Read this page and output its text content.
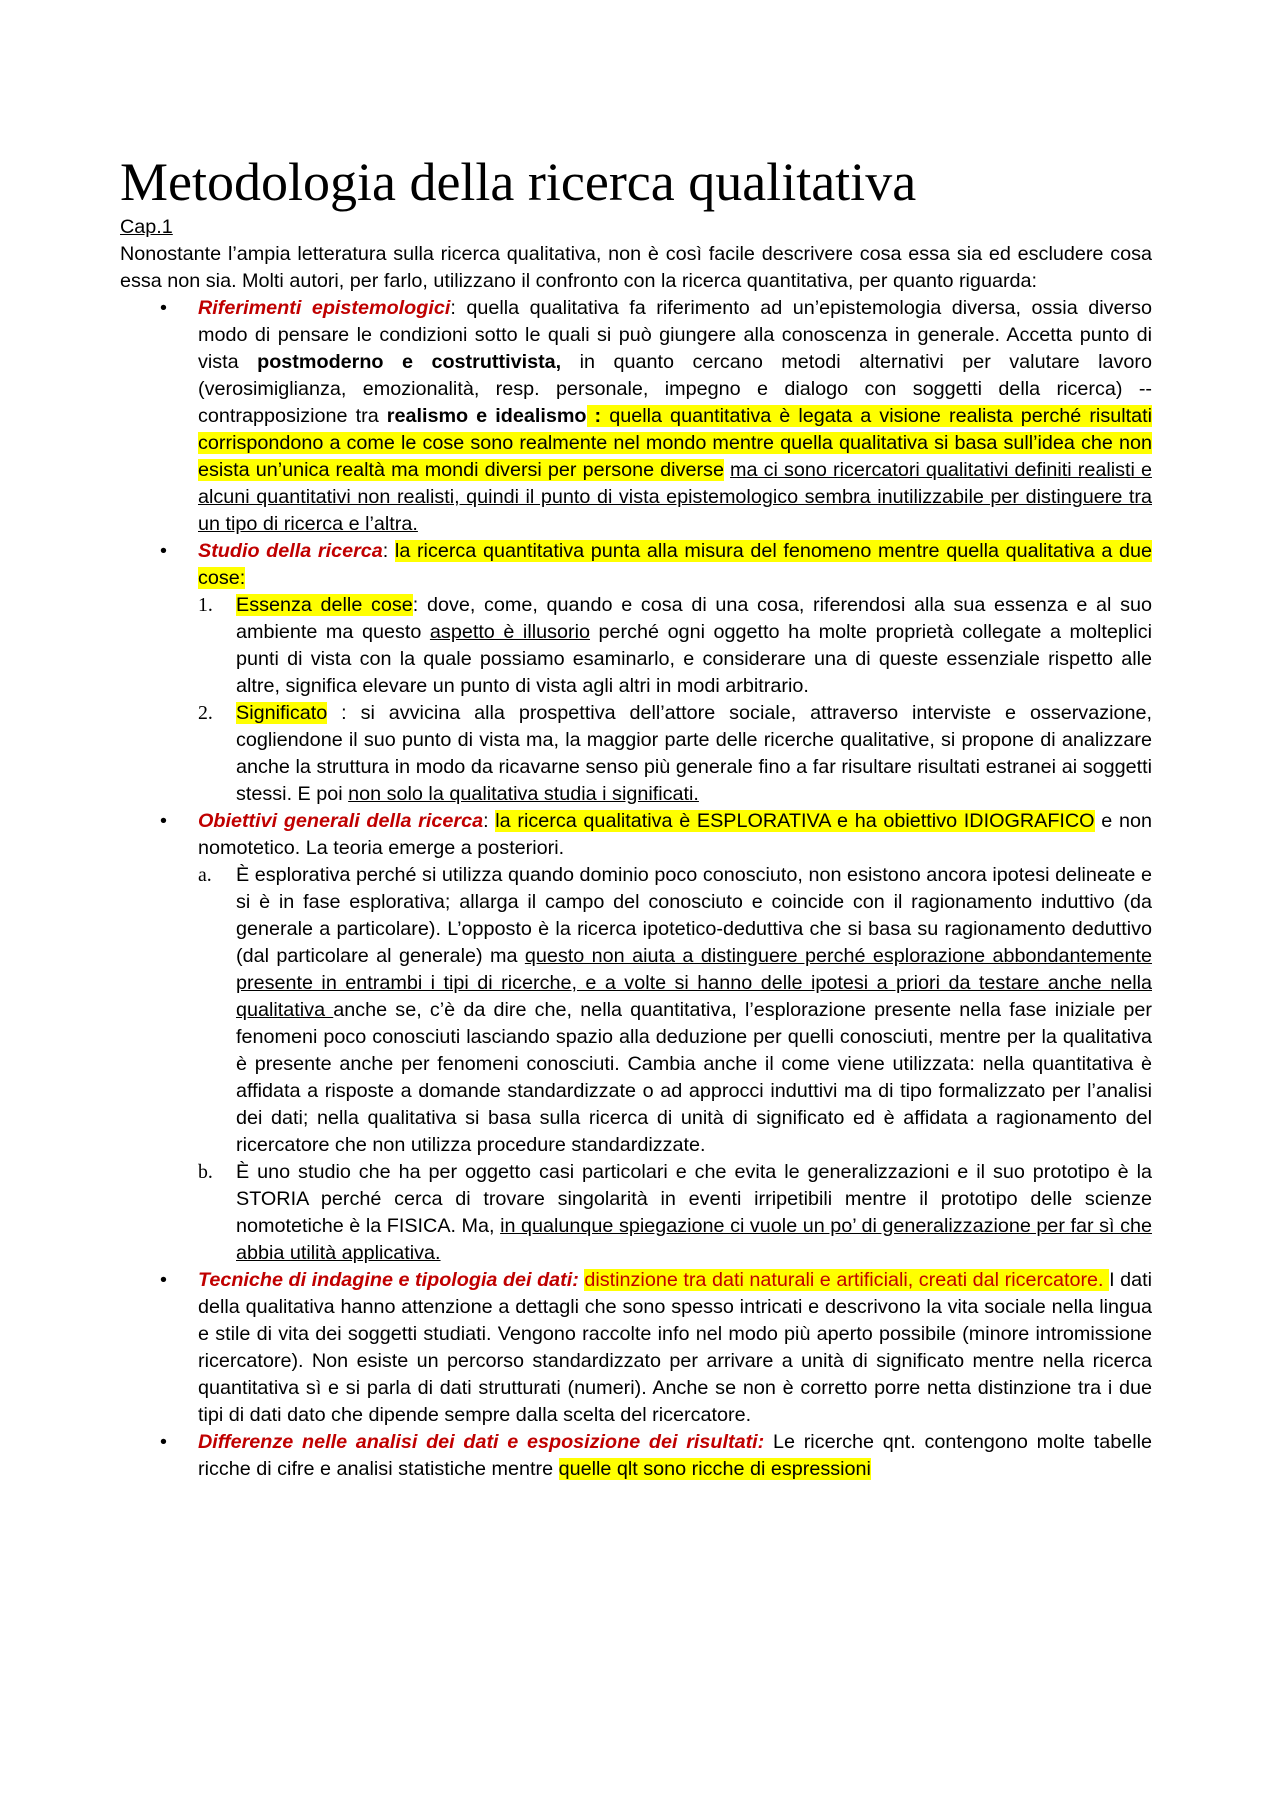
Metodologia della ricerca qualitativa
Cap.1
Nonostante l’ampia letteratura sulla ricerca qualitativa, non è così facile descrivere cosa essa sia ed escludere cosa essa non sia. Molti autori, per farlo, utilizzano il confronto con la ricerca quantitativa, per quanto riguarda:
•	Riferimenti epistemologici: quella qualitativa fa riferimento ad un’epistemologia diversa, ossia diverso modo di pensare le condizioni sotto le quali si può giungere alla conoscenza in generale. Accetta punto di vista postmoderno e costruttivista, in quanto cercano metodi alternativi per valutare lavoro (verosimiglianza, emozionalità, resp. personale, impegno e dialogo con soggetti della ricerca) -- contrapposizione tra realismo e idealismo : quella quantitativa è legata a visione realista perché risultati corrispondono a come le cose sono realmente nel mondo mentre quella qualitativa si basa sull’idea che non esista un’unica realtà ma mondi diversi per persone diverse ma ci sono ricercatori qualitativi definiti realisti e alcuni quantitativi non realisti, quindi il punto di vista epistemologico sembra inutilizzabile per distinguere tra un tipo di ricerca e l’altra.
•	Studio della ricerca: la ricerca quantitativa punta alla misura del fenomeno mentre quella qualitativa a due cose:
1. Essenza delle cose: dove, come, quando e cosa di una cosa, riferendosi alla sua essenza e al suo ambiente ma questo aspetto è illusorio perché ogni oggetto ha molte proprietà collegate a molteplici punti di vista con la quale possiamo esaminarlo, e considerare una di queste essenziale rispetto alle altre, significa elevare un punto di vista agli altri in modi arbitrario.
2. Significato : si avvicina alla prospettiva dell’attore sociale, attraverso interviste e osservazione, cogliendone il suo punto di vista ma, la maggior parte delle ricerche qualitative, si propone di analizzare anche la struttura in modo da ricavarne senso più generale fino a far risultare risultati estranei ai soggetti stessi. E poi non solo la qualitativa studia i significati.
•	Obiettivi generali della ricerca: la ricerca qualitativa è ESPLORATIVA e ha obiettivo IDIOGRAFICO e non nomotetico. La teoria emerge a posteriori.
a. È esplorativa perché si utilizza quando dominio poco conosciuto, non esistono ancora ipotesi delineate e si è in fase esplorativa; allarga il campo del conosciuto e coincide con il ragionamento induttivo (da generale a particolare). L’opposto è la ricerca ipotetico-deduttiva che si basa su ragionamento deduttivo (dal particolare al generale) ma questo non aiuta a distinguere perché esplorazione abbondantemente presente in entrambi i tipi di ricerche, e a volte si hanno delle ipotesi a priori da testare anche nella qualitativa anche se, c’è da dire che, nella quantitativa, l’esplorazione presente nella fase iniziale per fenomeni poco conosciuti lasciando spazio alla deduzione per quelli conosciuti, mentre per la qualitativa è presente anche per fenomeni conosciuti. Cambia anche il come viene utilizzata: nella quantitativa è affidata a risposte a domande standardizzate o ad approcci induttivi ma di tipo formalizzato per l’analisi dei dati; nella qualitativa si basa sulla ricerca di unità di significato ed è affidata a ragionamento del ricercatore che non utilizza procedure standardizzate.
b. È uno studio che ha per oggetto casi particolari e che evita le generalizzazioni e il suo prototipo è la STORIA perché cerca di trovare singolarità in eventi irripetibili mentre il prototipo delle scienze nomotetiche è la FISICA. Ma, in qualunque spiegazione ci vuole un po’ di generalizzazione per far sì che abbia utilità applicativa.
•	Tecniche di indagine e tipologia dei dati: distinzione tra dati naturali e artificiali, creati dal ricercatore. I dati della qualitativa hanno attenzione a dettagli che sono spesso intricati e descrivono la vita sociale nella lingua e stile di vita dei soggetti studiati. Vengono raccolte info nel modo più aperto possibile (minore intromissione ricercatore). Non esiste un percorso standardizzato per arrivare a unità di significato mentre nella ricerca quantitativa sì e si parla di dati strutturati (numeri). Anche se non è corretto porre netta distinzione tra i due tipi di dati dato che dipende sempre dalla scelta del ricercatore.
•	Differenze nelle analisi dei dati e esposizione dei risultati: Le ricerche qnt. contengono molte tabelle ricche di cifre e analisi statistiche mentre quelle qlt sono ricche di espressioni
